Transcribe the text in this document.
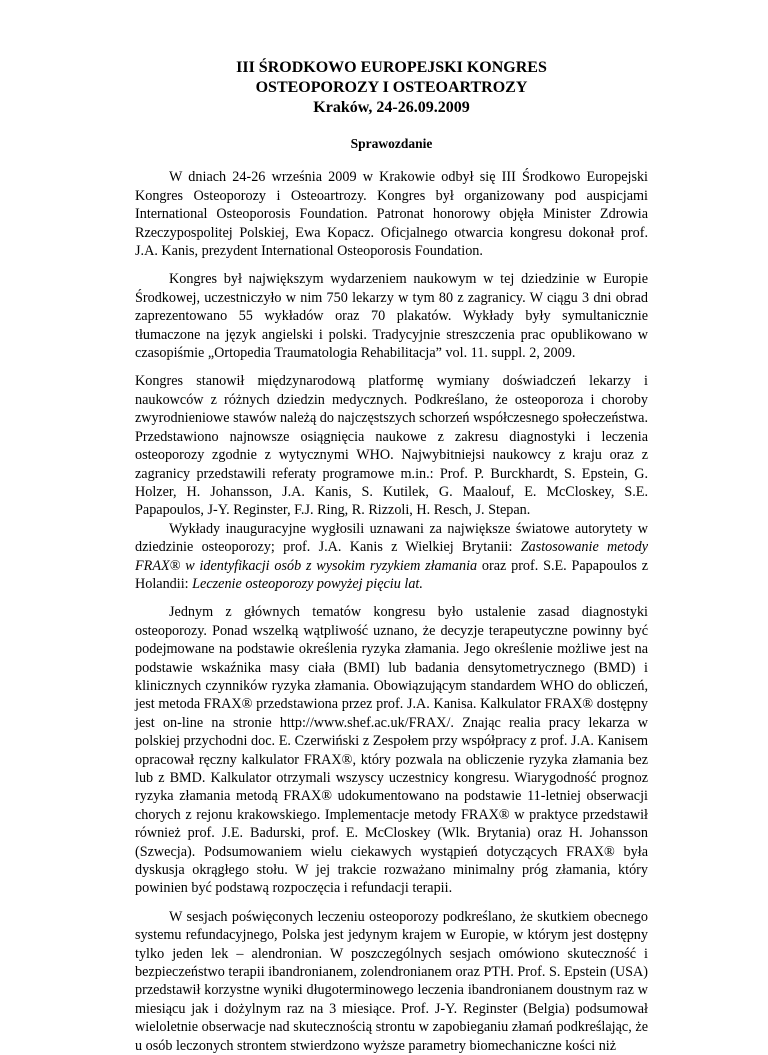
III ŚRODKOWO EUROPEJSKI KONGRES
OSTEOPOROZY I OSTEOARTROZY
Kraków, 24-26.09.2009
Sprawozdanie

W dniach 24-26 września 2009 w Krakowie odbył się III Środkowo Europejski Kongres Osteoporozy i Osteoartrozy. Kongres był organizowany pod auspicjami International Osteoporosis Foundation. Patronat honorowy objęła Minister Zdrowia Rzeczypospolitej Polskiej, Ewa Kopacz. Oficjalnego otwarcia kongresu dokonał prof. J.A. Kanis, prezydent International Osteoporosis Foundation.

Kongres był największym wydarzeniem naukowym w tej dziedzinie w Europie Środkowej, uczestniczyło w nim 750 lekarzy w tym 80 z zagranicy. W ciągu 3 dni obrad zaprezentowano 55 wykładów oraz 70 plakatów. Wykłady były symultanicznie tłumaczone na język angielski i polski. Tradycyjnie streszczenia prac opublikowano w czasopiśmie „Ortopedia Traumatologia Rehabilitacja” vol. 11. suppl. 2, 2009.

Kongres stanowił międzynarodową platformę wymiany doświadczeń lekarzy i naukowców z różnych dziedzin medycznych. Podkreślano, że osteoporoza i choroby zwyrodnieniowe stawów należą do najczęstszych schorzeń współczesnego społeczeństwa. Przedstawiono najnowsze osiągnięcia naukowe z zakresu diagnostyki i leczenia osteoporozy zgodnie z wytycznymi WHO. Najwybitniejsi naukowcy z kraju oraz z zagranicy przedstawili referaty programowe m.in.: Prof. P. Burckhardt, S. Epstein, G. Holzer, H. Johansson, J.A. Kanis, S. Kutilek, G. Maalouf, E. McCloskey, S.E. Papapoulos, J-Y. Reginster, F.J. Ring, R. Rizzoli, H. Resch, J. Stepan.

Wykłady inauguracyjne wygłosili uznawani za największe światowe autorytety w dziedzinie osteoporozy; prof. J.A. Kanis z Wielkiej Brytanii: Zastosowanie metody FRAX® w identyfikacji osób z wysokim ryzykiem złamania oraz prof. S.E. Papapoulos z Holandii: Leczenie osteoporozy powyżej pięciu lat.

Jednym z głównych tematów kongresu było ustalenie zasad diagnostyki osteoporozy. Ponad wszelką wątpliwość uznano, że decyzje terapeutyczne powinny być podejmowane na podstawie określenia ryzyka złamania. Jego określenie możliwe jest na podstawie wskaźnika masy ciała (BMI) lub badania densytometrycznego (BMD) i klinicznych czynników ryzyka złamania. Obowiązującym standardem WHO do obliczeń, jest metoda FRAX® przedstawiona przez prof. J.A. Kanisa. Kalkulator FRAX® dostępny jest on-line na stronie http://www.shef.ac.uk/FRAX/. Znając realia pracy lekarza w polskiej przychodni doc. E. Czerwiński z Zespołem przy współpracy z prof. J.A. Kanisem opracował ręczny kalkulator FRAX®, który pozwala na obliczenie ryzyka złamania bez lub z BMD. Kalkulator otrzymali wszyscy uczestnicy kongresu. Wiarygodność prognoz ryzyka złamania metodą FRAX® udokumentowano na podstawie 11-letniej obserwacji chorych z rejonu krakowskiego. Implementacje metody FRAX® w praktyce przedstawił również prof. J.E. Badurski, prof. E. McCloskey (Wlk. Brytania) oraz H. Johansson (Szwecja). Podsumowaniem wielu ciekawych wystąpień dotyczących FRAX® była dyskusja okrągłego stołu. W jej trakcie rozważano minimalny próg złamania, który powinien być podstawą rozpoczęcia i refundacji terapii.

W sesjach poświęconych leczeniu osteoporozy podkreślano, że skutkiem obecnego systemu refundacyjnego, Polska jest jedynym krajem w Europie, w którym jest dostępny tylko jeden lek – alendronian. W poszczególnych sesjach omówiono skuteczność i bezpieczeństwo terapii ibandronianem, zolendronianem oraz PTH. Prof. S. Epstein (USA) przedstawił korzystne wyniki długoterminowego leczenia ibandronianem doustnym raz w miesiącu jak i dożylnym raz na 3 miesiące. Prof. J-Y. Reginster (Belgia) podsumował wieloletnie obserwacje nad skutecznością strontu w zapobieganiu złamań podkreślając, że u osób leczonych strontem stwierdzono wyższe parametry biomechaniczne kości niż
